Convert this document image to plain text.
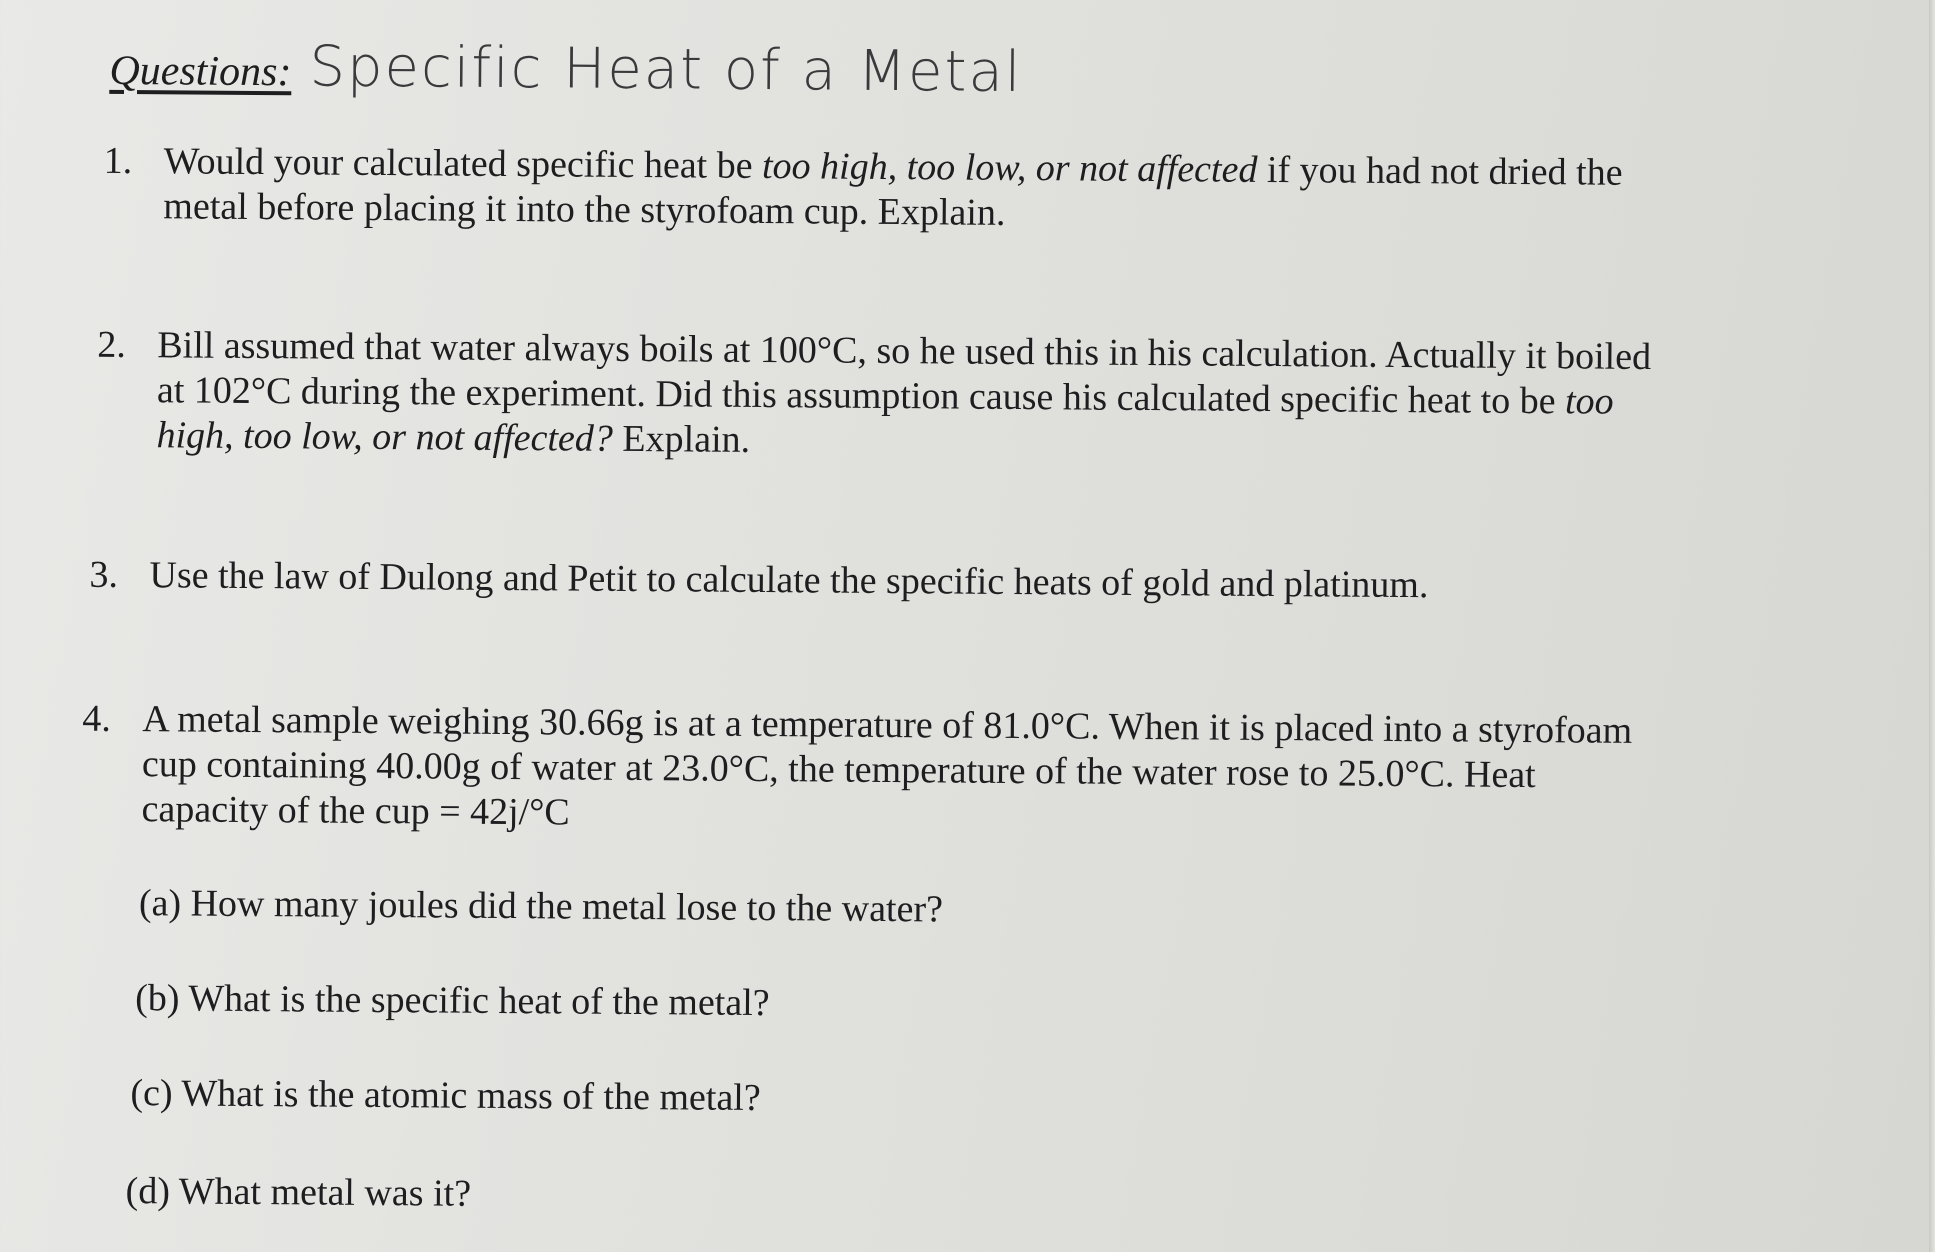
Questions: Specific Heat of a Metal
1. Would your calculated specific heat be too high, too low, or not affected if you had not dried the metal before placing it into the styrofoam cup. Explain.
2. Bill assumed that water always boils at 100°C, so he used this in his calculation. Actually it boiled at 102°C during the experiment. Did this assumption cause his calculated specific heat to be too high, too low, or not affected? Explain.
3. Use the law of Dulong and Petit to calculate the specific heats of gold and platinum.
4. A metal sample weighing 30.66g is at a temperature of 81.0°C. When it is placed into a styrofoam cup containing 40.00g of water at 23.0°C, the temperature of the water rose to 25.0°C. Heat capacity of the cup = 42j/°C
(a) How many joules did the metal lose to the water?
(b) What is the specific heat of the metal?
(c) What is the atomic mass of the metal?
(d) What metal was it?
